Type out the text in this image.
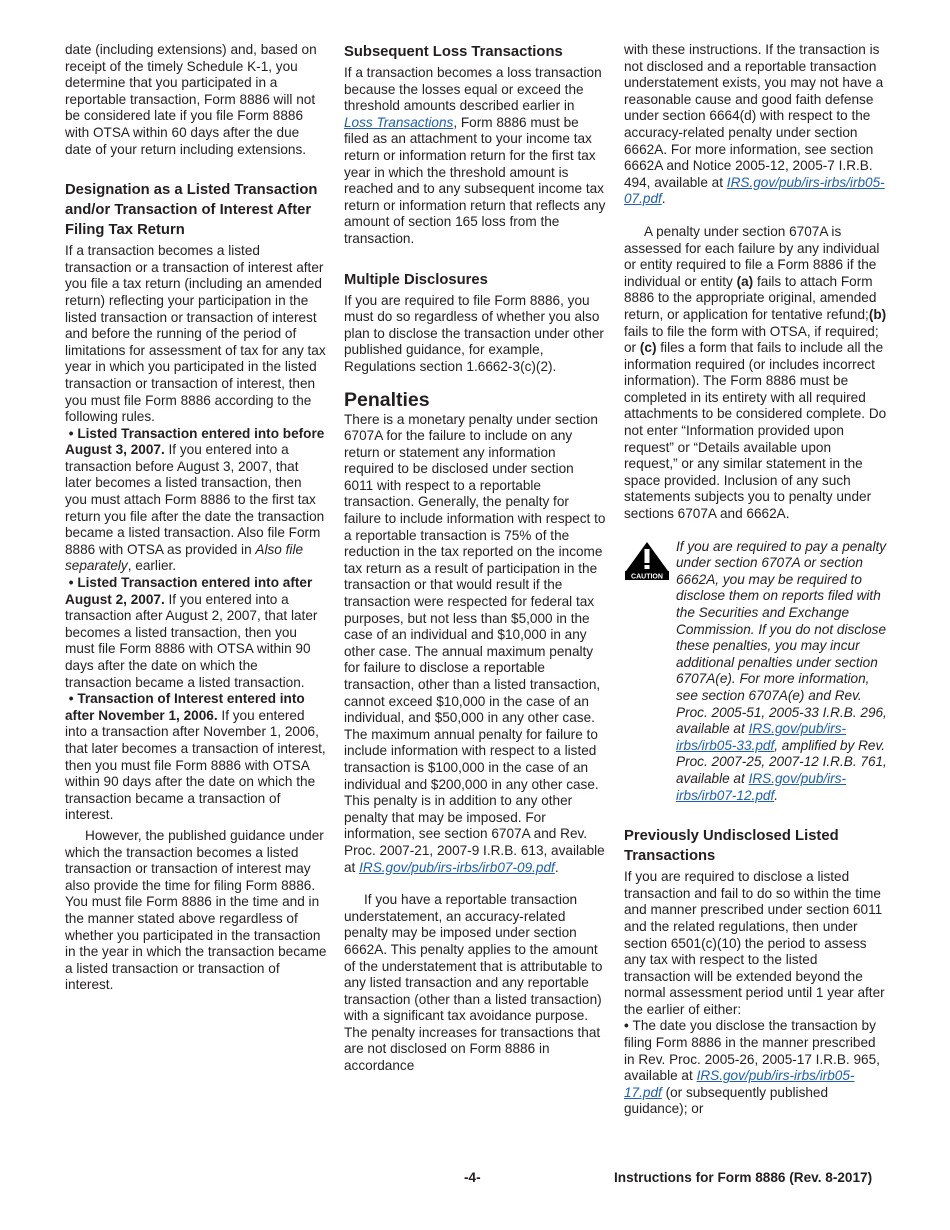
date (including extensions) and, based on receipt of the timely Schedule K-1, you determine that you participated in a reportable transaction, Form 8886 will not be considered late if you file Form 8886 with OTSA within 60 days after the due date of your return including extensions.

Designation as a Listed Transaction and/or Transaction of Interest After Filing Tax Return

If a transaction becomes a listed transaction or a transaction of interest after you file a tax return (including an amended return) reflecting your participation in the listed transaction or transaction of interest and before the running of the period of limitations for assessment of tax for any tax year in which you participated in the listed transaction or transaction of interest, then you must file Form 8886 according to the following rules.

• Listed Transaction entered into before August 3, 2007. If you entered into a transaction before August 3, 2007, that later becomes a listed transaction, then you must attach Form 8886 to the first tax return you file after the date the transaction became a listed transaction. Also file Form 8886 with OTSA as provided in Also file separately, earlier.

• Listed Transaction entered into after August 2, 2007. If you entered into a transaction after August 2, 2007, that later becomes a listed transaction, then you must file Form 8886 with OTSA within 90 days after the date on which the transaction became a listed transaction.

• Transaction of Interest entered into after November 1, 2006. If you entered into a transaction after November 1, 2006, that later becomes a transaction of interest, then you must file Form 8886 with OTSA within 90 days after the date on which the transaction became a transaction of interest.

However, the published guidance under which the transaction becomes a listed transaction or transaction of interest may also provide the time for filing Form 8886. You must file Form 8886 in the time and in the manner stated above regardless of whether you participated in the transaction in the year in which the transaction became a listed transaction or transaction of interest.

Subsequent Loss Transactions

If a transaction becomes a loss transaction because the losses equal or exceed the threshold amounts described earlier in Loss Transactions, Form 8886 must be filed as an attachment to your income tax return or information return for the first tax year in which the threshold amount is reached and to any subsequent income tax return or information return that reflects any amount of section 165 loss from the transaction.

Multiple Disclosures

If you are required to file Form 8886, you must do so regardless of whether you also plan to disclose the transaction under other published guidance, for example, Regulations section 1.6662-3(c)(2).

Penalties

There is a monetary penalty under section 6707A for the failure to include on any return or statement any information required to be disclosed under section 6011 with respect to a reportable transaction. Generally, the penalty for failure to include information with respect to a reportable transaction is 75% of the reduction in the tax reported on the income tax return as a result of participation in the transaction or that would result if the transaction were respected for federal tax purposes, but not less than $5,000 in the case of an individual and $10,000 in any other case. The annual maximum penalty for failure to disclose a reportable transaction, other than a listed transaction, cannot exceed $10,000 in the case of an individual, and $50,000 in any other case. The maximum annual penalty for failure to include information with respect to a listed transaction is $100,000 in the case of an individual and $200,000 in any other case. This penalty is in addition to any other penalty that may be imposed. For information, see section 6707A and Rev. Proc. 2007-21, 2007-9 I.R.B. 613, available at IRS.gov/pub/irs-irbs/irb07-09.pdf.

If you have a reportable transaction understatement, an accuracy-related penalty may be imposed under section 6662A. This penalty applies to the amount of the understatement that is attributable to any listed transaction and any reportable transaction (other than a listed transaction) with a significant tax avoidance purpose. The penalty increases for transactions that are not disclosed on Form 8886 in accordance

with these instructions. If the transaction is not disclosed and a reportable transaction understatement exists, you may not have a reasonable cause and good faith defense under section 6664(d) with respect to the accuracy-related penalty under section 6662A. For more information, see section 6662A and Notice 2005-12, 2005-7 I.R.B. 494, available at IRS.gov/pub/irs-irbs/irb05-07.pdf.

A penalty under section 6707A is assessed for each failure by any individual or entity required to file a Form 8886 if the individual or entity (a) fails to attach Form 8886 to the appropriate original, amended return, or application for tentative refund;(b) fails to file the form with OTSA, if required; or (c) files a form that fails to include all the information required (or includes incorrect information). The Form 8886 must be completed in its entirety with all required attachments to be considered complete. Do not enter “Information provided upon request” or “Details available upon request,” or any similar statement in the space provided. Inclusion of any such statements subjects you to penalty under sections 6707A and 6662A.

CAUTION
If you are required to pay a penalty under section 6707A or section 6662A, you may be required to disclose them on reports filed with the Securities and Exchange Commission. If you do not disclose these penalties, you may incur additional penalties under section 6707A(e). For more information, see section 6707A(e) and Rev. Proc. 2005-51, 2005-33 I.R.B. 296, available at IRS.gov/pub/irs-irbs/irb05-33.pdf, amplified by Rev. Proc. 2007-25, 2007-12 I.R.B. 761, available at IRS.gov/pub/irs-irbs/irb07-12.pdf.
Previously Undisclosed Listed Transactions

If you are required to disclose a listed transaction and fail to do so within the time and manner prescribed under section 6011 and the related regulations, then under section 6501(c)(10) the period to assess any tax with respect to the listed transaction will be extended beyond the normal assessment period until 1 year after the earlier of either:

• The date you disclose the transaction by filing Form 8886 in the manner prescribed in Rev. Proc. 2005-26, 2005-17 I.R.B. 965, available at IRS.gov/pub/irs-irbs/irb05-17.pdf (or subsequently published guidance); or

-4-	Instructions for Form 8886 (Rev. 8-2017)
